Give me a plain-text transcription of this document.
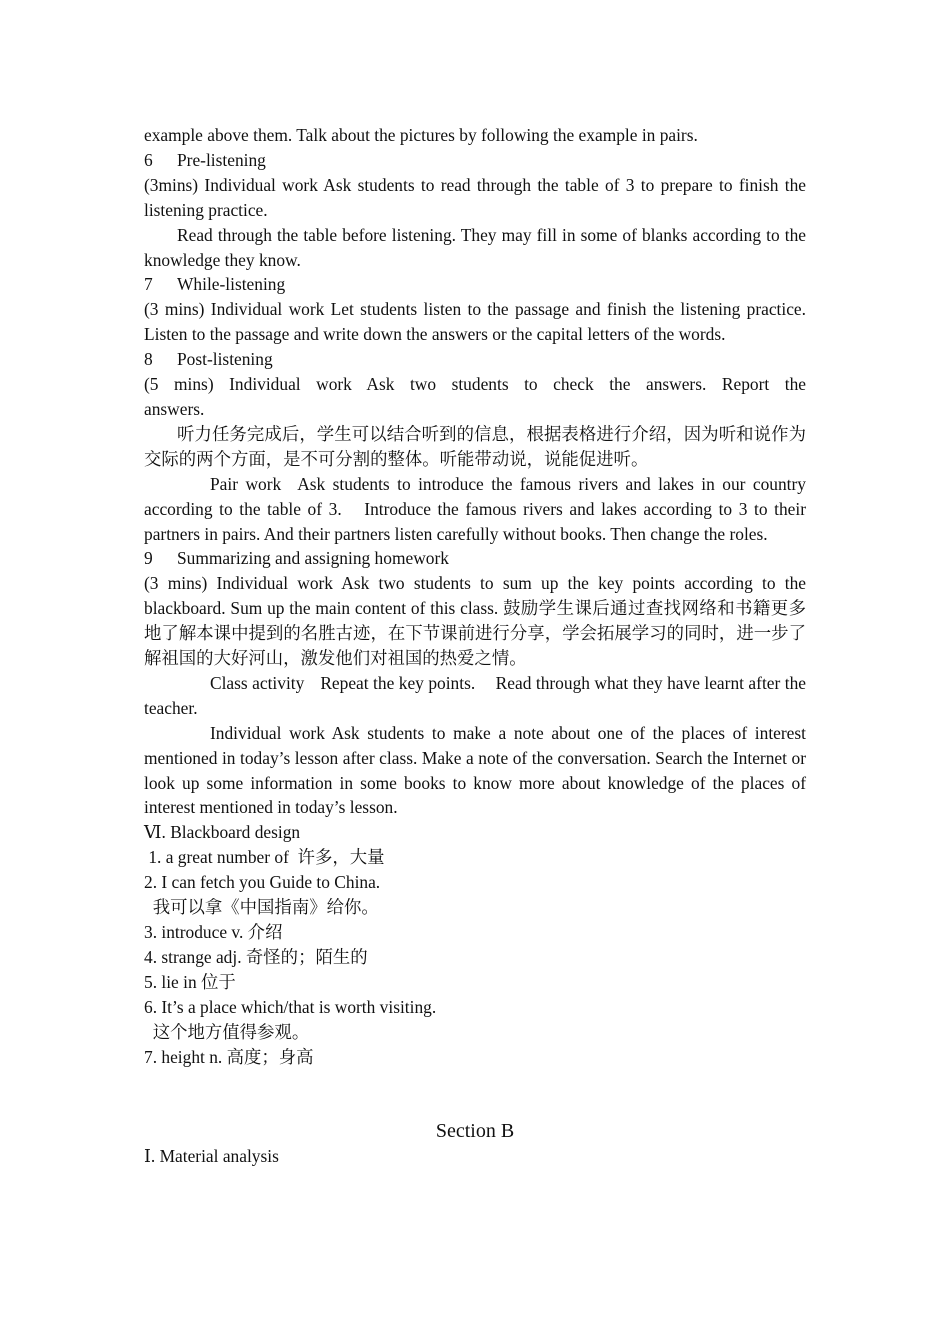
example above them. Talk about the pictures by following the example in pairs.

6 Pre-listening

(3mins) Individual work Ask students to read through the table of 3 to prepare to finish the listening practice.

Read through the table before listening. They may fill in some of blanks according to the knowledge they know.

7 While-listening

(3 mins) Individual work Let students listen to the passage and finish the listening practice. Listen to the passage and write down the answers or the capital letters of the words.

8 Post-listening

(5 mins) Individual work Ask two students to check the answers. Report the

answers.

听力任务完成后，学生可以结合听到的信息，根据表格进行介绍，因为听和说作为交际的两个方面，是不可分割的整体。听能带动说，说能促进听。

Pair work Ask students to introduce the famous rivers and lakes in our country according to the table of 3. Introduce the famous rivers and lakes according to 3 to their partners in pairs. And their partners listen carefully without books. Then change the roles.

9 Summarizing and assigning homework

(3 mins) Individual work Ask two students to sum up the key points according to the blackboard. Sum up the main content of this class. 鼓励学生课后通过查找网络和书籍更多地了解本课中提到的名胜古迹，在下节课前进行分享，学会拓展学习的同时，进一步了解祖国的大好河山，激发他们对祖国的热爱之情。

Class activity Repeat the key points. Read through what they have learnt after the teacher.

Individual work Ask students to make a note about one of the places of interest mentioned in today’s lesson after class. Make a note of the conversation. Search the Internet or look up some information in some books to know more about knowledge of the places of interest mentioned in today’s lesson.

Ⅵ. Blackboard design

1. a great number of  许多，大量

2. I can fetch you Guide to China.

我可以拿《中国指南》给你。

3. introduce v. 介绍

4. strange adj. 奇怪的；陌生的

5. lie in 位于

6. It’s a place which/that is worth visiting.

这个地方值得参观。

7. height n. 高度；身高

Section B

Ⅰ. Material analysis
